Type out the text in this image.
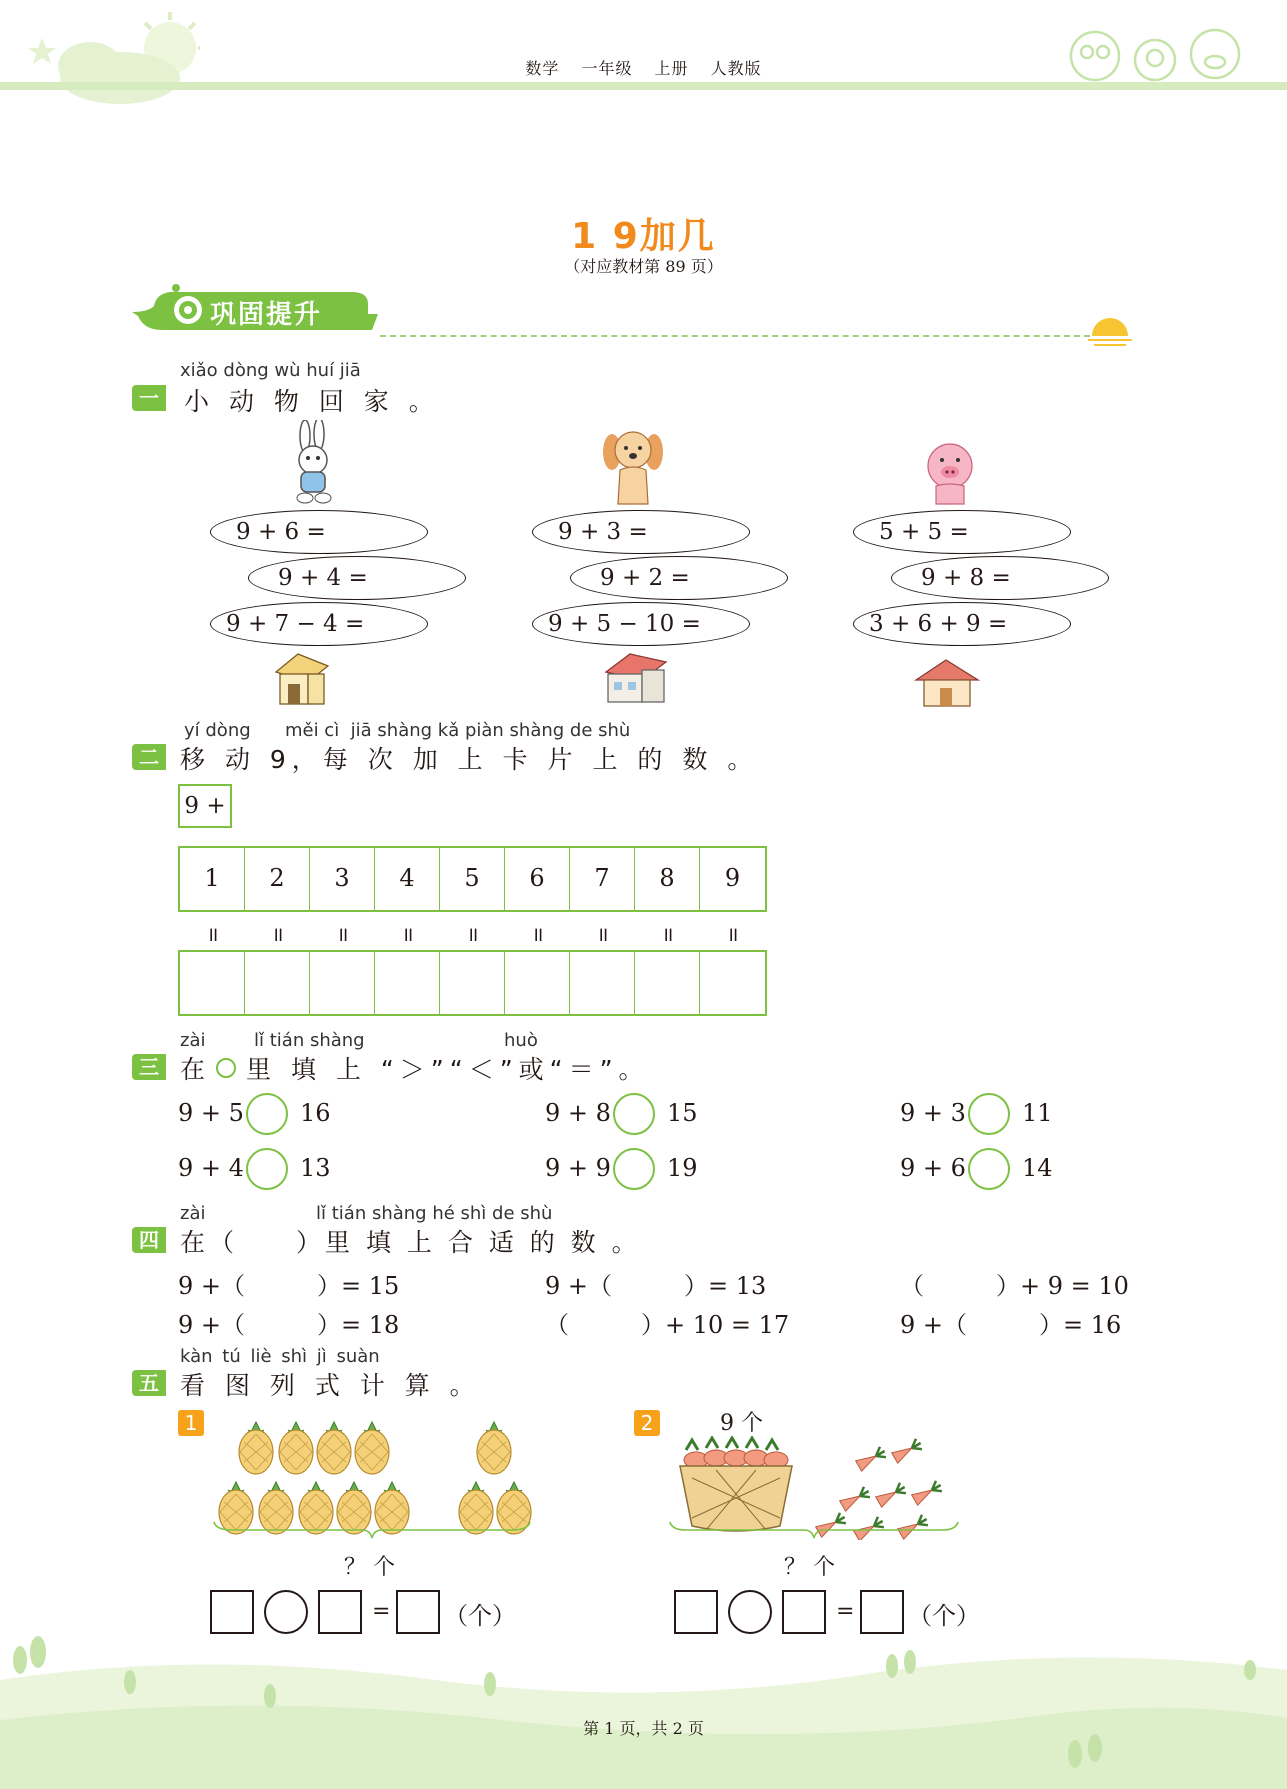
数学 一年级 上册 人教版
1 9加几
（对应教材第 89 页）
巩固提升
xiǎo dòng wù huí jiā
一 小 动 物 回 家 。
9 + 6 =
9 + 4 =
9 + 7 − 4 =
9 + 3 =
9 + 2 =
9 + 5 − 10 =
5 + 5 =
9 + 8 =
3 + 6 + 9 =
yí dòng      měi cì  jiā shàng kǎ piàn shàng de shù
二 移 动 9，每 次 加 上 卡 片 上 的 数 。
9 +
1	2	3	4	5	6	7	8	9
॥	॥	॥	॥	॥	॥	॥	॥	॥
zài	lǐ tián shàng	huò
三 在 里 填 上 “＞”“＜”或“＝”。
9 + 5 16	9 + 8 15	9 + 3 11
9 + 4 13	9 + 9 19	9 + 6 14
zài	lǐ tián shàng hé shì de shù
四 在（　　）里 填 上 合 适 的 数 。
9 +（　　　）= 15	9 +（　　　）= 13	（　　　）+ 9 = 10
9 +（　　　）= 18	（　　　）+ 10 = 17	9 +（　　　）= 16
kàn tú liè shì jì suàn
五 看 图 列 式 计 算 。
1
？ 个
= （个）
2	9 个
？ 个
= （个）
第 1 页，共 2 页
